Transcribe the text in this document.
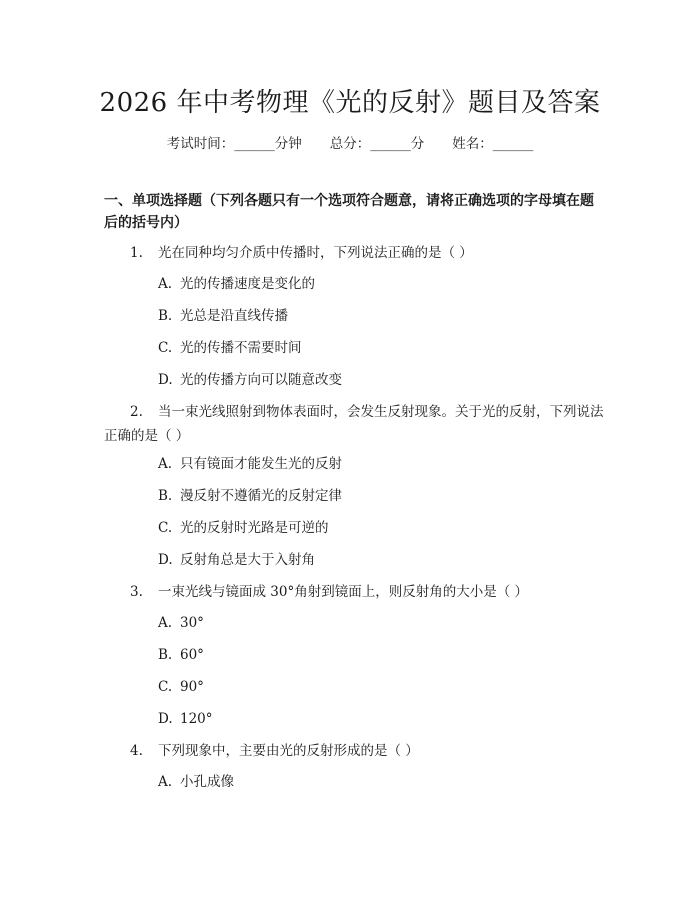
2026 年中考物理《光的反射》题目及答案
考试时间：______分钟 总分：______分 姓名：______
一、单项选择题（下列各题只有一个选项符合题意，请将正确选项的字母填在题后的括号内）
1. 光在同种均匀介质中传播时，下列说法正确的是（ ）
A. 光的传播速度是变化的
B. 光总是沿直线传播
C. 光的传播不需要时间
D. 光的传播方向可以随意改变
2. 当一束光线照射到物体表面时，会发生反射现象。关于光的反射，下列说法正确的是（ ）
A. 只有镜面才能发生光的反射
B. 漫反射不遵循光的反射定律
C. 光的反射时光路是可逆的
D. 反射角总是大于入射角
3. 一束光线与镜面成 30°角射到镜面上，则反射角的大小是（ ）
A. 30°
B. 60°
C. 90°
D. 120°
4. 下列现象中，主要由光的反射形成的是（ ）
A. 小孔成像
